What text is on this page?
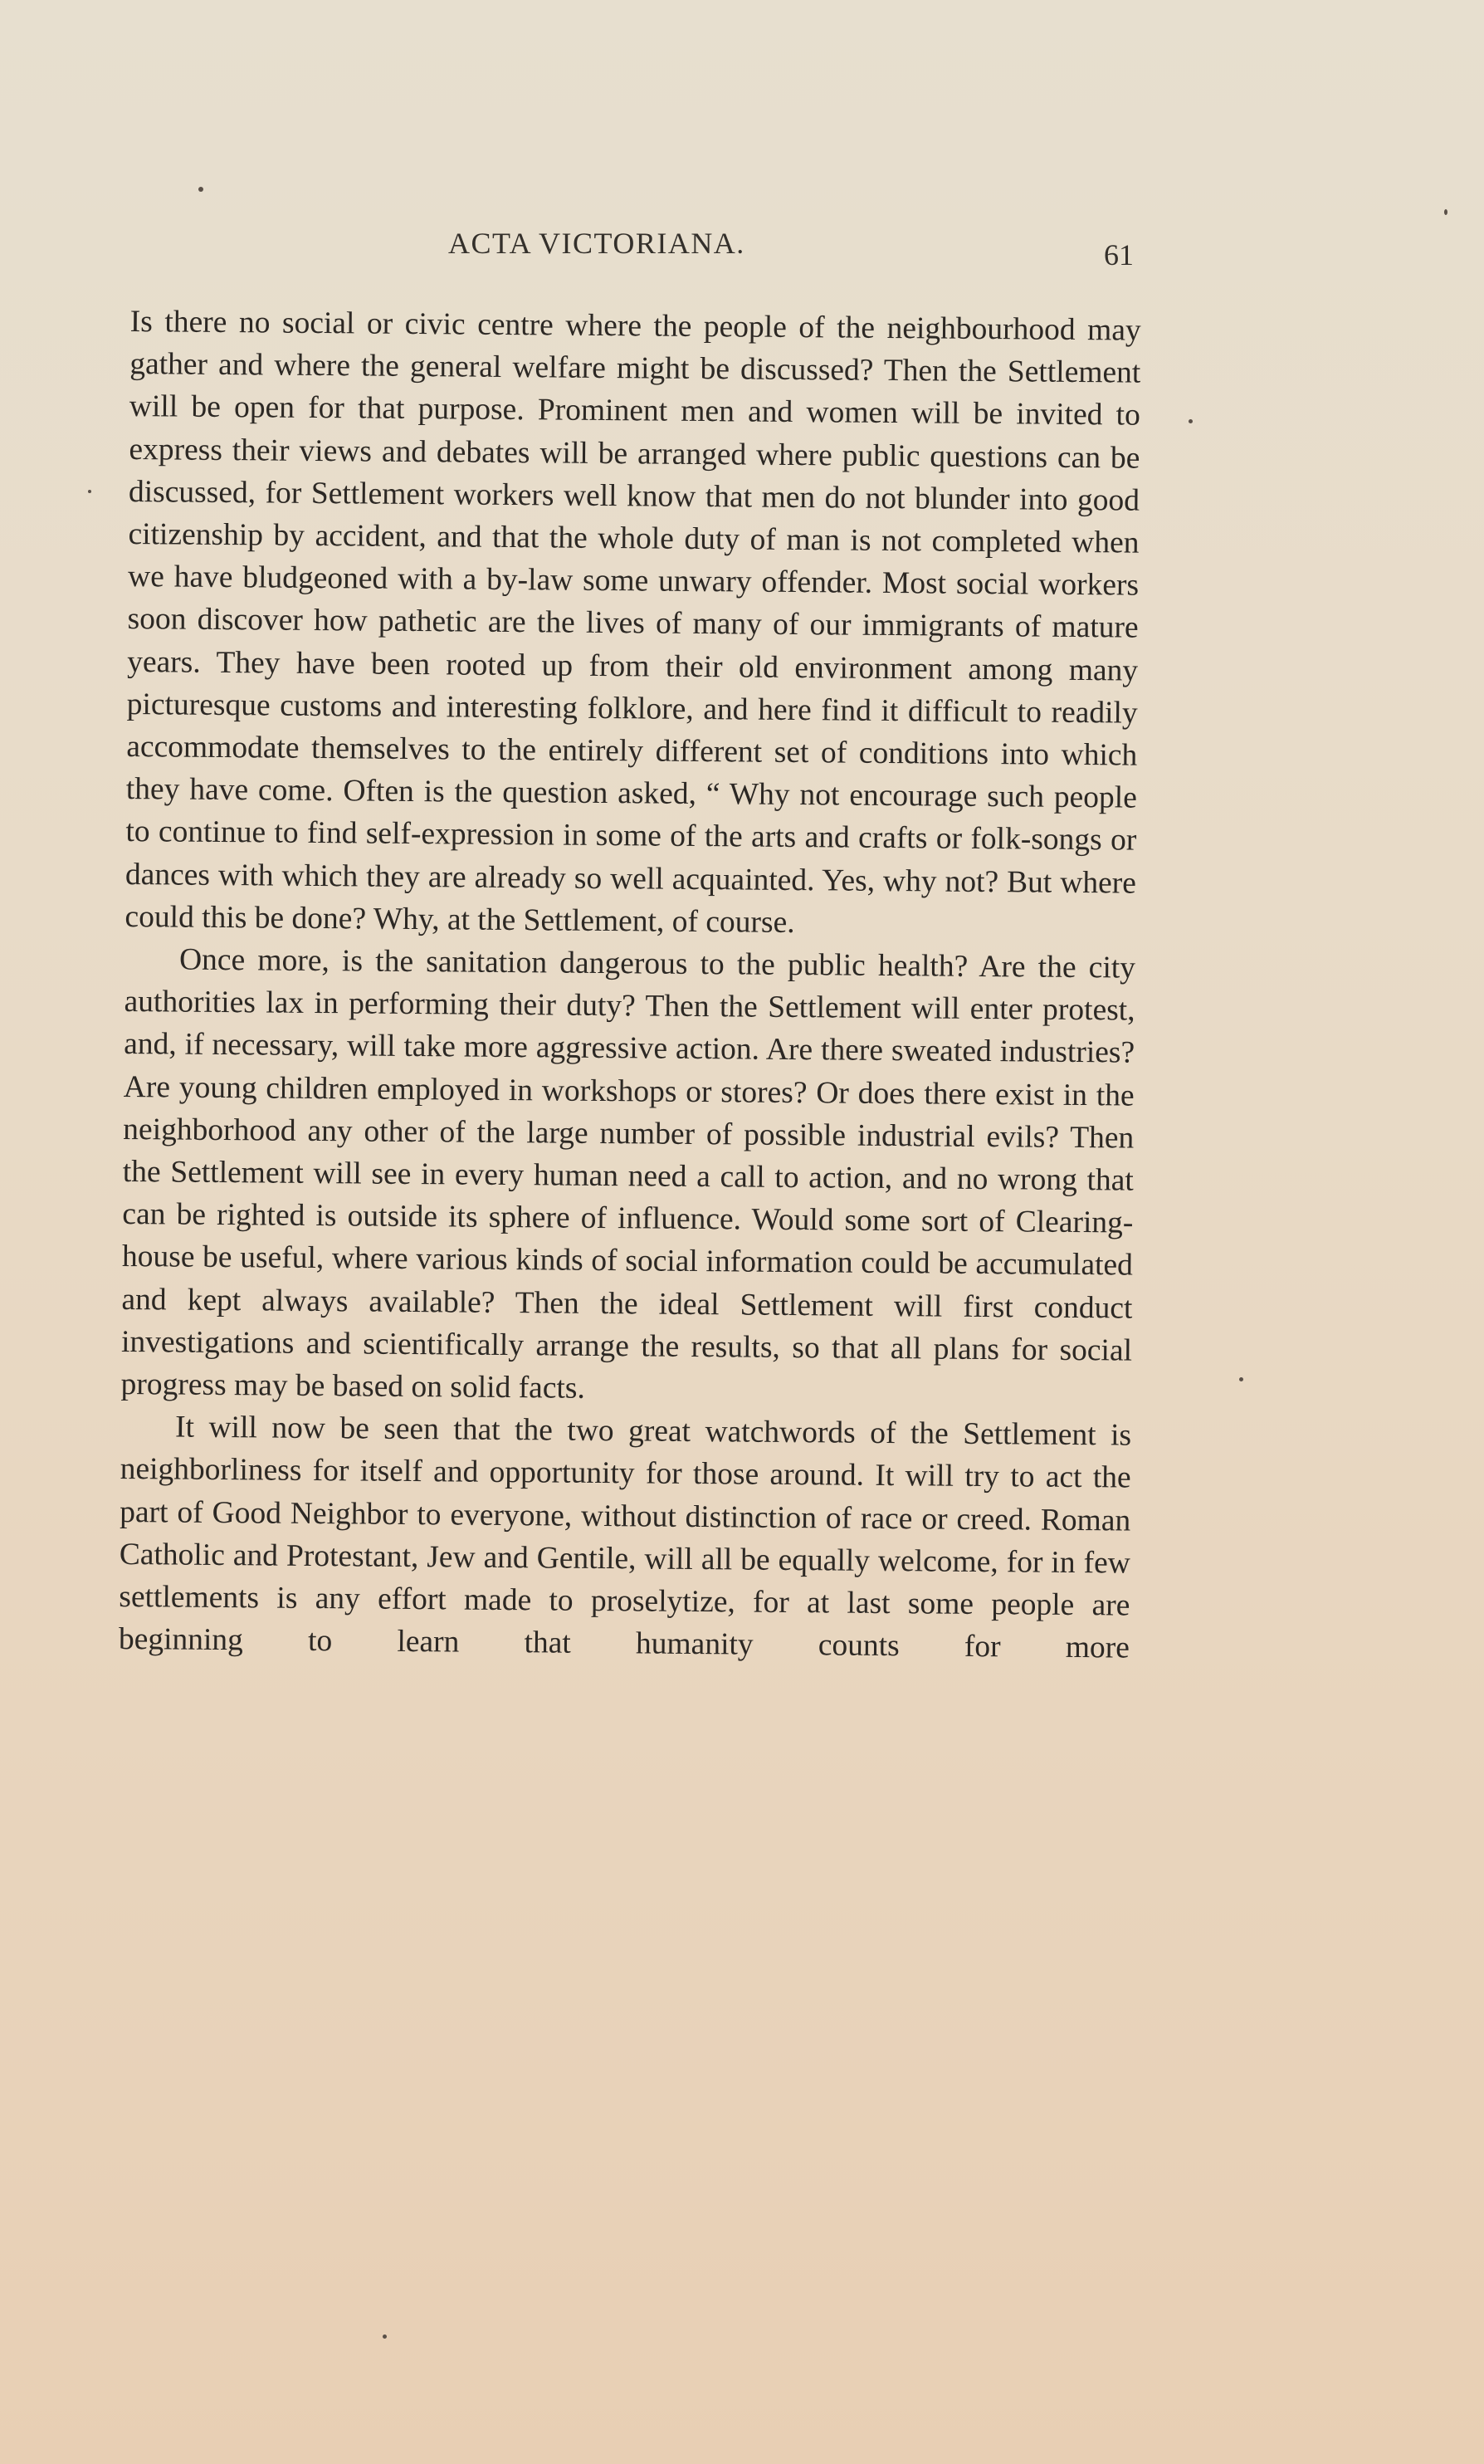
ACTA VICTORIANA.	61

Is there no social or civic centre where the people of the neighbourhood may gather and where the general welfare might be discussed? Then the Settlement will be open for that purpose. Prominent men and women will be invited to express their views and debates will be arranged where public questions can be discussed, for Settlement workers well know that men do not blunder into good citizenship by accident, and that the whole duty of man is not completed when we have bludgeoned with a by-law some unwary offender. Most social workers soon discover how pathetic are the lives of many of our immigrants of mature years. They have been rooted up from their old environment among many picturesque customs and interesting folklore, and here find it difficult to readily accommodate themselves to the entirely different set of conditions into which they have come. Often is the question asked, “ Why not encourage such people to continue to find self-expression in some of the arts and crafts or folk-songs or dances with which they are already so well acquainted. Yes, why not? But where could this be done? Why, at the Settlement, of course.

Once more, is the sanitation dangerous to the public health? Are the city authorities lax in performing their duty? Then the Settlement will enter protest, and, if necessary, will take more aggressive action. Are there sweated industries? Are young children employed in workshops or stores? Or does there exist in the neighborhood any other of the large number of possible industrial evils? Then the Settlement will see in every human need a call to action, and no wrong that can be righted is outside its sphere of influence. Would some sort of Clearing-house be useful, where various kinds of social information could be accumulated and kept always available? Then the ideal Settlement will first conduct investigations and scientifically arrange the results, so that all plans for social progress may be based on solid facts.

It will now be seen that the two great watchwords of the Settlement is neighborliness for itself and opportunity for those around. It will try to act the part of Good Neighbor to everyone, without distinction of race or creed. Roman Catholic and Protestant, Jew and Gentile, will all be equally welcome, for in few settlements is any effort made to proselytize, for at last some people are beginning to learn that humanity counts for more
